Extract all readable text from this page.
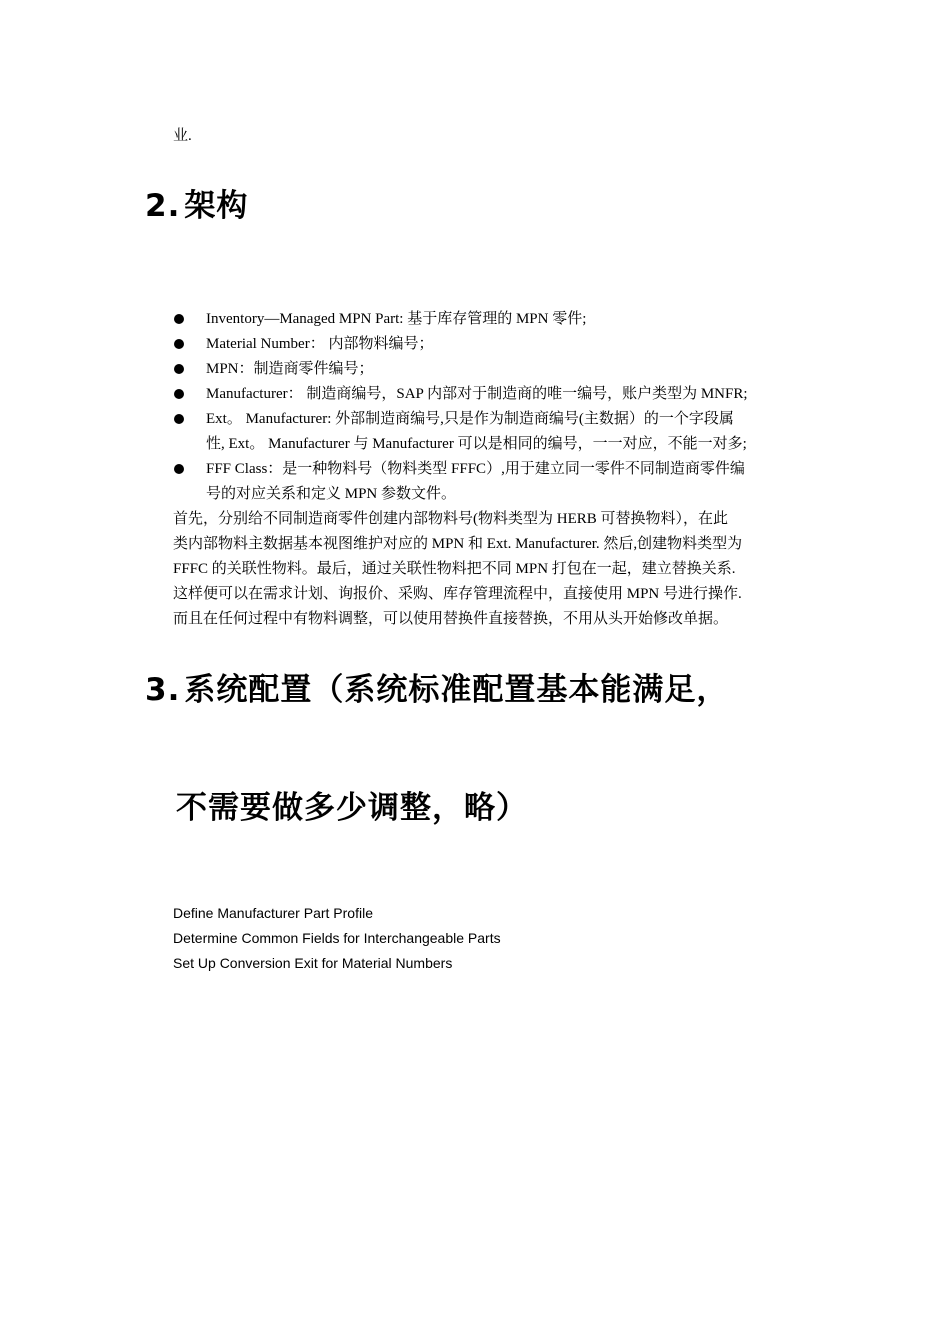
业.
2. 架构
Inventory—Managed MPN Part: 基于库存管理的 MPN 零件;
Material Number： 内部物料编号；
MPN：制造商零件编号；
Manufacturer： 制造商编号，SAP 内部对于制造商的唯一编号，账户类型为 MNFR;
Ext。 Manufacturer: 外部制造商编号,只是作为制造商编号(主数据）的一个字段属
性, Ext。 Manufacturer 与 Manufacturer 可以是相同的编号，一一对应，不能一对多;
FFF Class：是一种物料号（物料类型 FFFC）,用于建立同一零件不同制造商零件编
号的对应关系和定义 MPN 参数文件。
首先，分别给不同制造商零件创建内部物料号(物料类型为 HERB 可替换物料），在此
类内部物料主数据基本视图维护对应的 MPN 和 Ext. Manufacturer. 然后,创建物料类型为
FFFC 的关联性物料。最后，通过关联性物料把不同 MPN 打包在一起，建立替换关系.
这样便可以在需求计划、询报价、采购、库存管理流程中，直接使用 MPN 号进行操作.
而且在任何过程中有物料调整，可以使用替换件直接替换，不用从头开始修改单据。
3. 系统配置（系统标准配置基本能满足，
不需要做多少调整，略）
Define Manufacturer Part Profile
Determine Common Fields for Interchangeable Parts
Set Up Conversion Exit for Material Numbers
